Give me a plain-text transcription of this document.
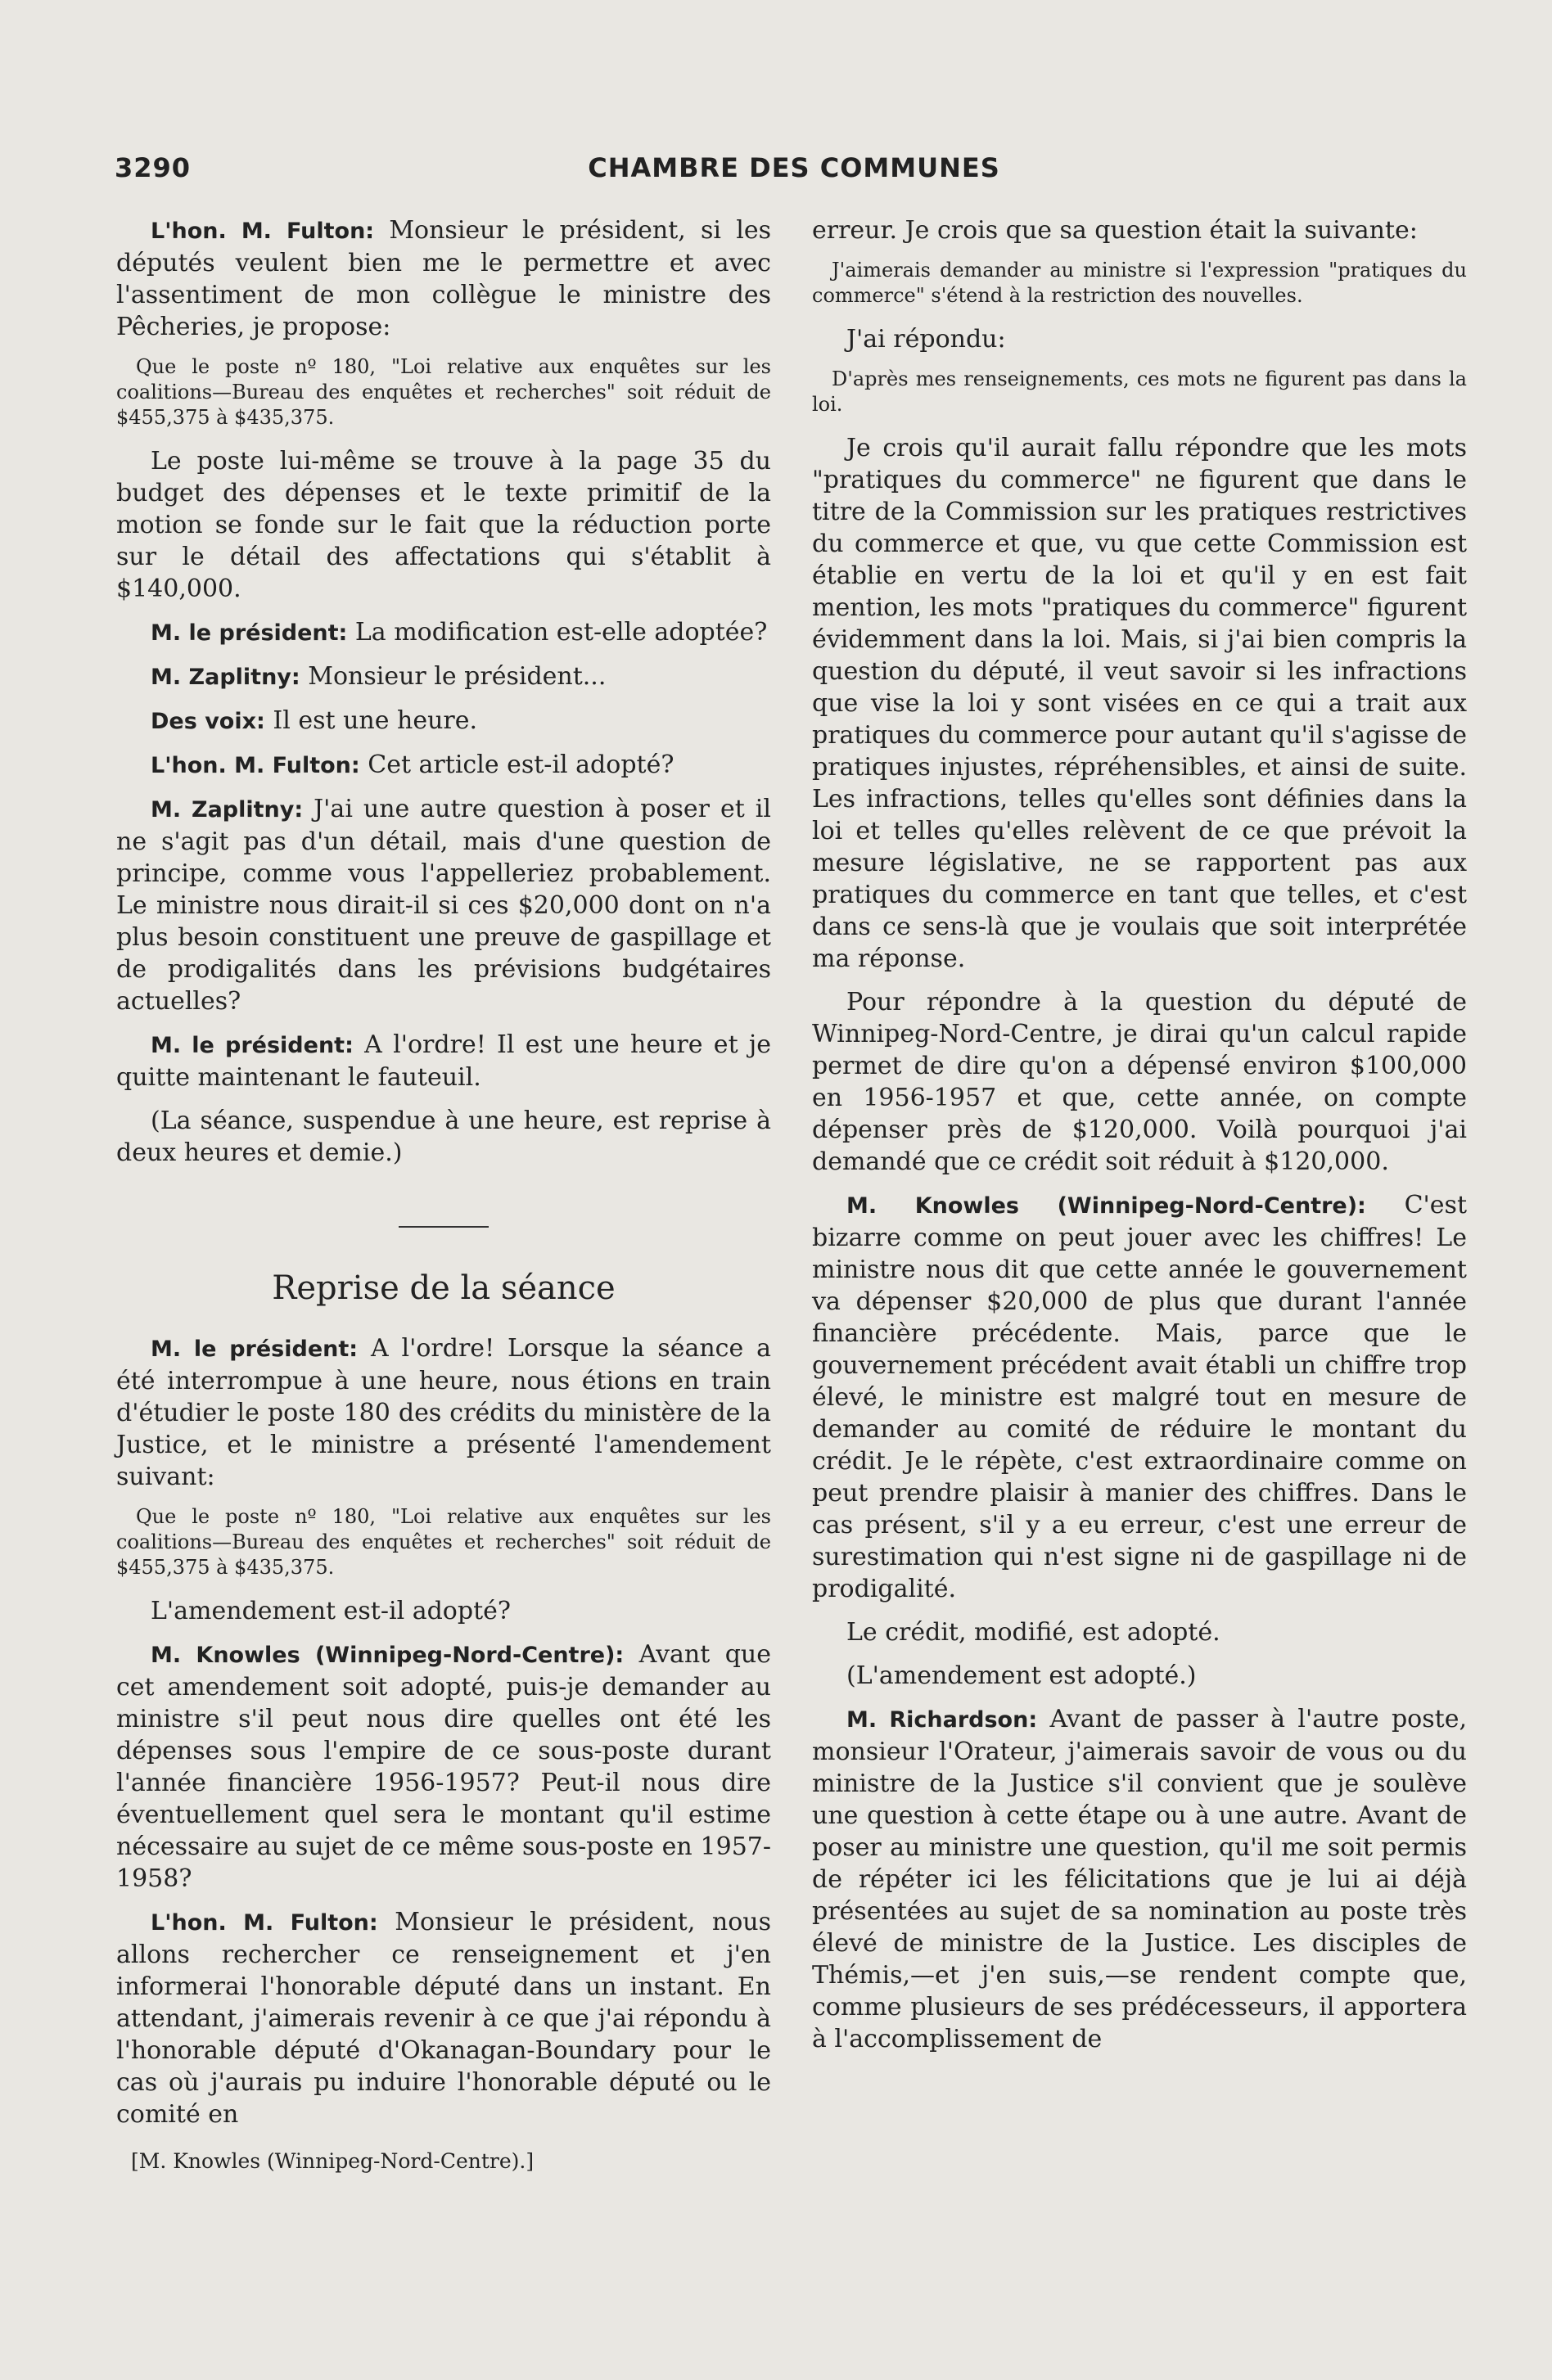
3290	CHAMBRE DES COMMUNES

L'hon. M. Fulton: Monsieur le président, si les députés veulent bien me le permettre et avec l'assentiment de mon collègue le ministre des Pêcheries, je propose:

Que le poste nº 180, "Loi relative aux enquêtes sur les coalitions—Bureau des enquêtes et recherches" soit réduit de $455,375 à $435,375.

Le poste lui-même se trouve à la page 35 du budget des dépenses et le texte primitif de la motion se fonde sur le fait que la réduction porte sur le détail des affectations qui s'établit à $140,000.

M. le président: La modification est-elle adoptée?

M. Zaplitny: Monsieur le président...

Des voix: Il est une heure.

L'hon. M. Fulton: Cet article est-il adopté?

M. Zaplitny: J'ai une autre question à poser et il ne s'agit pas d'un détail, mais d'une question de principe, comme vous l'appelleriez probablement. Le ministre nous dirait-il si ces $20,000 dont on n'a plus besoin constituent une preuve de gaspillage et de prodigalités dans les prévisions budgétaires actuelles?

M. le président: A l'ordre! Il est une heure et je quitte maintenant le fauteuil.

(La séance, suspendue à une heure, est reprise à deux heures et demie.)

Reprise de la séance

M. le président: A l'ordre! Lorsque la séance a été interrompue à une heure, nous étions en train d'étudier le poste 180 des crédits du ministère de la Justice, et le ministre a présenté l'amendement suivant:

Que le poste nº 180, "Loi relative aux enquêtes sur les coalitions—Bureau des enquêtes et recherches" soit réduit de $455,375 à $435,375.

L'amendement est-il adopté?

M. Knowles (Winnipeg-Nord-Centre): Avant que cet amendement soit adopté, puis-je demander au ministre s'il peut nous dire quelles ont été les dépenses sous l'empire de ce sous-poste durant l'année financière 1956-1957? Peut-il nous dire éventuellement quel sera le montant qu'il estime nécessaire au sujet de ce même sous-poste en 1957-1958?

L'hon. M. Fulton: Monsieur le président, nous allons rechercher ce renseignement et j'en informerai l'honorable député dans un instant. En attendant, j'aimerais revenir à ce que j'ai répondu à l'honorable député d'Okanagan-Boundary pour le cas où j'aurais pu induire l'honorable député ou le comité en

[M. Knowles (Winnipeg-Nord-Centre).]

erreur. Je crois que sa question était la suivante:

J'aimerais demander au ministre si l'expression "pratiques du commerce" s'étend à la restriction des nouvelles.

J'ai répondu:

D'après mes renseignements, ces mots ne figurent pas dans la loi.

Je crois qu'il aurait fallu répondre que les mots "pratiques du commerce" ne figurent que dans le titre de la Commission sur les pratiques restrictives du commerce et que, vu que cette Commission est établie en vertu de la loi et qu'il y en est fait mention, les mots "pratiques du commerce" figurent évidemment dans la loi. Mais, si j'ai bien compris la question du député, il veut savoir si les infractions que vise la loi y sont visées en ce qui a trait aux pratiques du commerce pour autant qu'il s'agisse de pratiques injustes, répréhensibles, et ainsi de suite. Les infractions, telles qu'elles sont définies dans la loi et telles qu'elles relèvent de ce que prévoit la mesure législative, ne se rapportent pas aux pratiques du commerce en tant que telles, et c'est dans ce sens-là que je voulais que soit interprétée ma réponse.

Pour répondre à la question du député de Winnipeg-Nord-Centre, je dirai qu'un calcul rapide permet de dire qu'on a dépensé environ $100,000 en 1956-1957 et que, cette année, on compte dépenser près de $120,000. Voilà pourquoi j'ai demandé que ce crédit soit réduit à $120,000.

M. Knowles (Winnipeg-Nord-Centre): C'est bizarre comme on peut jouer avec les chiffres! Le ministre nous dit que cette année le gouvernement va dépenser $20,000 de plus que durant l'année financière précédente. Mais, parce que le gouvernement précédent avait établi un chiffre trop élevé, le ministre est malgré tout en mesure de demander au comité de réduire le montant du crédit. Je le répète, c'est extraordinaire comme on peut prendre plaisir à manier des chiffres. Dans le cas présent, s'il y a eu erreur, c'est une erreur de surestimation qui n'est signe ni de gaspillage ni de prodigalité.

Le crédit, modifié, est adopté.

(L'amendement est adopté.)

M. Richardson: Avant de passer à l'autre poste, monsieur l'Orateur, j'aimerais savoir de vous ou du ministre de la Justice s'il convient que je soulève une question à cette étape ou à une autre. Avant de poser au ministre une question, qu'il me soit permis de répéter ici les félicitations que je lui ai déjà présentées au sujet de sa nomination au poste très élevé de ministre de la Justice. Les disciples de Thémis,—et j'en suis,—se rendent compte que, comme plusieurs de ses prédécesseurs, il apportera à l'accomplissement de
